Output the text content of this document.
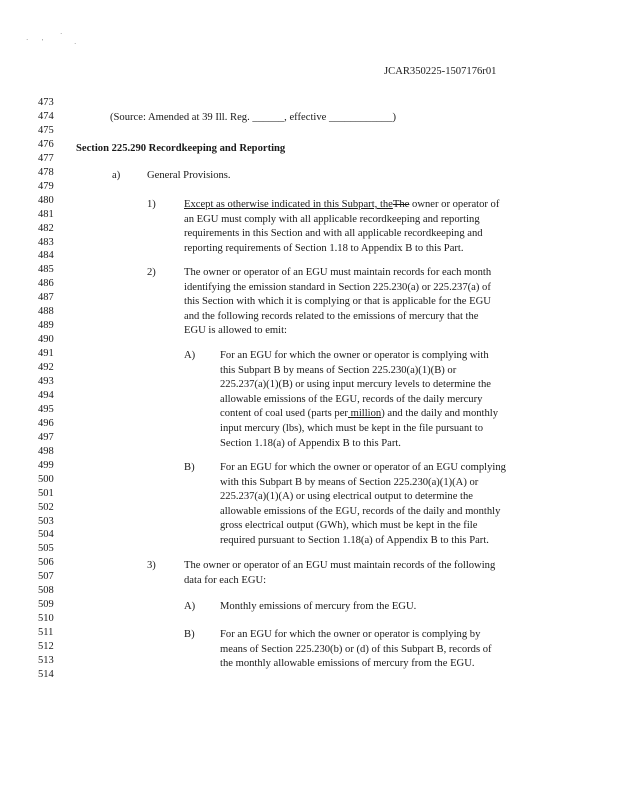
· '
·
·
JCAR350225-1507176r01
473
474
475
476
477
478
479
480
481
482
483
484
485
486
487
488
489
490
491
492
493
494
495
496
497
498
499
500
501
502
503
504
505
506
507
508
509
510
511
512
513
514
(Source: Amended at 39 Ill. Reg. ______, effective ____________)
Section 225.290 Recordkeeping and Reporting
a)	General Provisions.
1)	Except as otherwise indicated in this Subpart, theThe owner or operator of
an EGU must comply with all applicable recordkeeping and reporting
requirements in this Section and with all applicable recordkeeping and
reporting requirements of Section 1.18 to Appendix B to this Part.
2)	The owner or operator of an EGU must maintain records for each month
identifying the emission standard in Section 225.230(a) or 225.237(a) of
this Section with which it is complying or that is applicable for the EGU
and the following records related to the emissions of mercury that the
EGU is allowed to emit:
A) For an EGU for which the owner or operator is complying with
this Subpart B by means of Section 225.230(a)(1)(B) or
225.237(a)(1)(B) or using input mercury levels to determine the
allowable emissions of the EGU, records of the daily mercury
content of coal used (parts per million) and the daily and monthly
input mercury (lbs), which must be kept in the file pursuant to
Section 1.18(a) of Appendix B to this Part.
B) For an EGU for which the owner or operator of an EGU complying
with this Subpart B by means of Section 225.230(a)(1)(A) or
225.237(a)(1)(A) or using electrical output to determine the
allowable emissions of the EGU, records of the daily and monthly
gross electrical output (GWh), which must be kept in the file
required pursuant to Section 1.18(a) of Appendix B to this Part.
3)	The owner or operator of an EGU must maintain records of the following
data for each EGU:
A) Monthly emissions of mercury from the EGU.
B) For an EGU for which the owner or operator is complying by
means of Section 225.230(b) or (d) of this Subpart B, records of
the monthly allowable emissions of mercury from the EGU.
